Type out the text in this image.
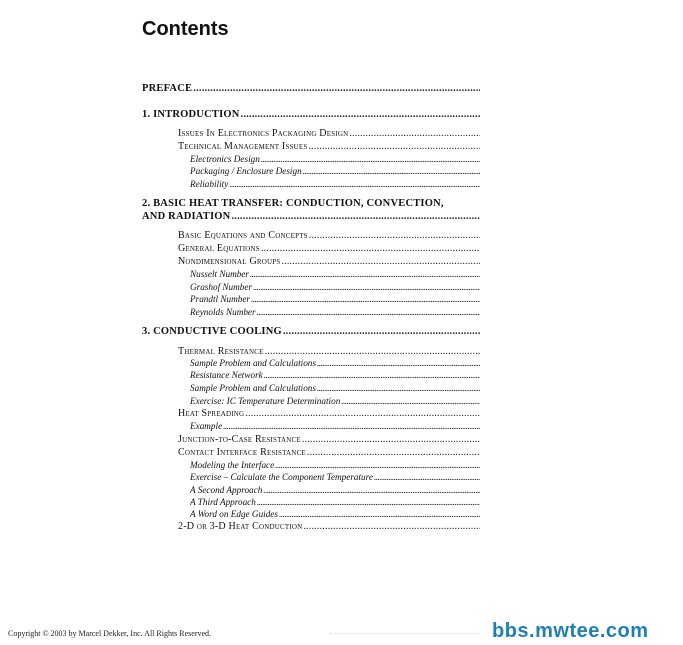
Contents
PREFACE
.....
1. INTRODUCTION
.....
Issues In Electronics Packaging Design
.....
Technical Management Issues
.....
Electronics Design
.....
Packaging / Enclosure Design
.....
Reliability
.....
2. BASIC HEAT TRANSFER: CONDUCTION, CONVECTION,
AND RADIATION
.....
Basic Equations and Concepts
.....
General Equations
.....
Nondimensional Groups
.....
Nusselt Number
.....
Grashof Number
.....
Prandtl Number
.....
Reynolds Number
.....
3. CONDUCTIVE COOLING
.....
Thermal Resistance
.....
Sample Problem and Calculations
.....
Resistance Network
.....
Sample Problem and Calculations
.....
Exercise: IC Temperature Determination
.....
Heat Spreading
.....
Example
.....
Junction-to-Case Resistance
.....
Contact Interface Resistance
.....
Modeling the Interface
.....
Exercise – Calculate the Component Temperature
.....
A Second Approach
.....
A Third Approach
.....
A Word on Edge Guides
.....
2-D or 3-D Heat Conduction
.....
Copyright © 2003 by Marcel Dekker, Inc. All Rights Reserved.	bbs.mwtee.com
